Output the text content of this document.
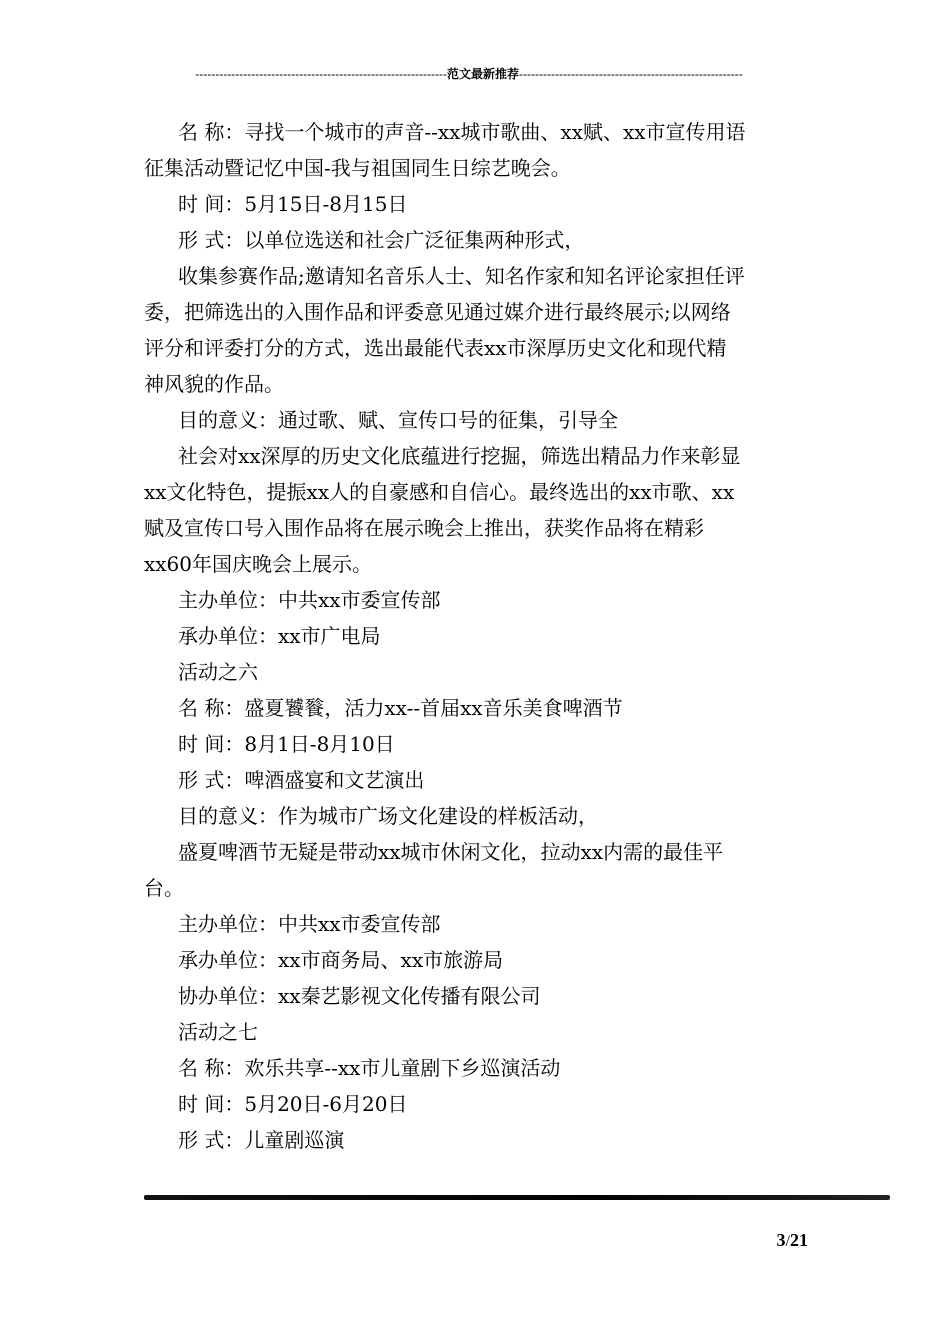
---------------------------------------------------------------范文最新推荐--------------------------------------------------------
名 称：寻找一个城市的声音--xx城市歌曲、xx赋、xx市宣传用语
征集活动暨记忆中国-我与祖国同生日综艺晚会。
时 间：5月15日-8月15日
形 式：以单位选送和社会广泛征集两种形式，
收集参赛作品;邀请知名音乐人士、知名作家和知名评论家担任评
委，把筛选出的入围作品和评委意见通过媒介进行最终展示;以网络
评分和评委打分的方式，选出最能代表xx市深厚历史文化和现代精
神风貌的作品。
目的意义：通过歌、赋、宣传口号的征集，引导全
社会对xx深厚的历史文化底蕴进行挖掘，筛选出精品力作来彰显
xx文化特色，提振xx人的自豪感和自信心。最终选出的xx市歌、xx
赋及宣传口号入围作品将在展示晚会上推出，获奖作品将在精彩
xx60年国庆晚会上展示。
主办单位：中共xx市委宣传部
承办单位：xx市广电局
活动之六
名 称：盛夏饕餮，活力xx--首届xx音乐美食啤酒节
时 间：8月1日-8月10日
形 式：啤酒盛宴和文艺演出
目的意义：作为城市广场文化建设的样板活动，
盛夏啤酒节无疑是带动xx城市休闲文化，拉动xx内需的最佳平
台。
主办单位：中共xx市委宣传部
承办单位：xx市商务局、xx市旅游局
协办单位：xx秦艺影视文化传播有限公司
活动之七
名 称：欢乐共享--xx市儿童剧下乡巡演活动
时 间：5月20日-6月20日
形 式：儿童剧巡演
3/21
